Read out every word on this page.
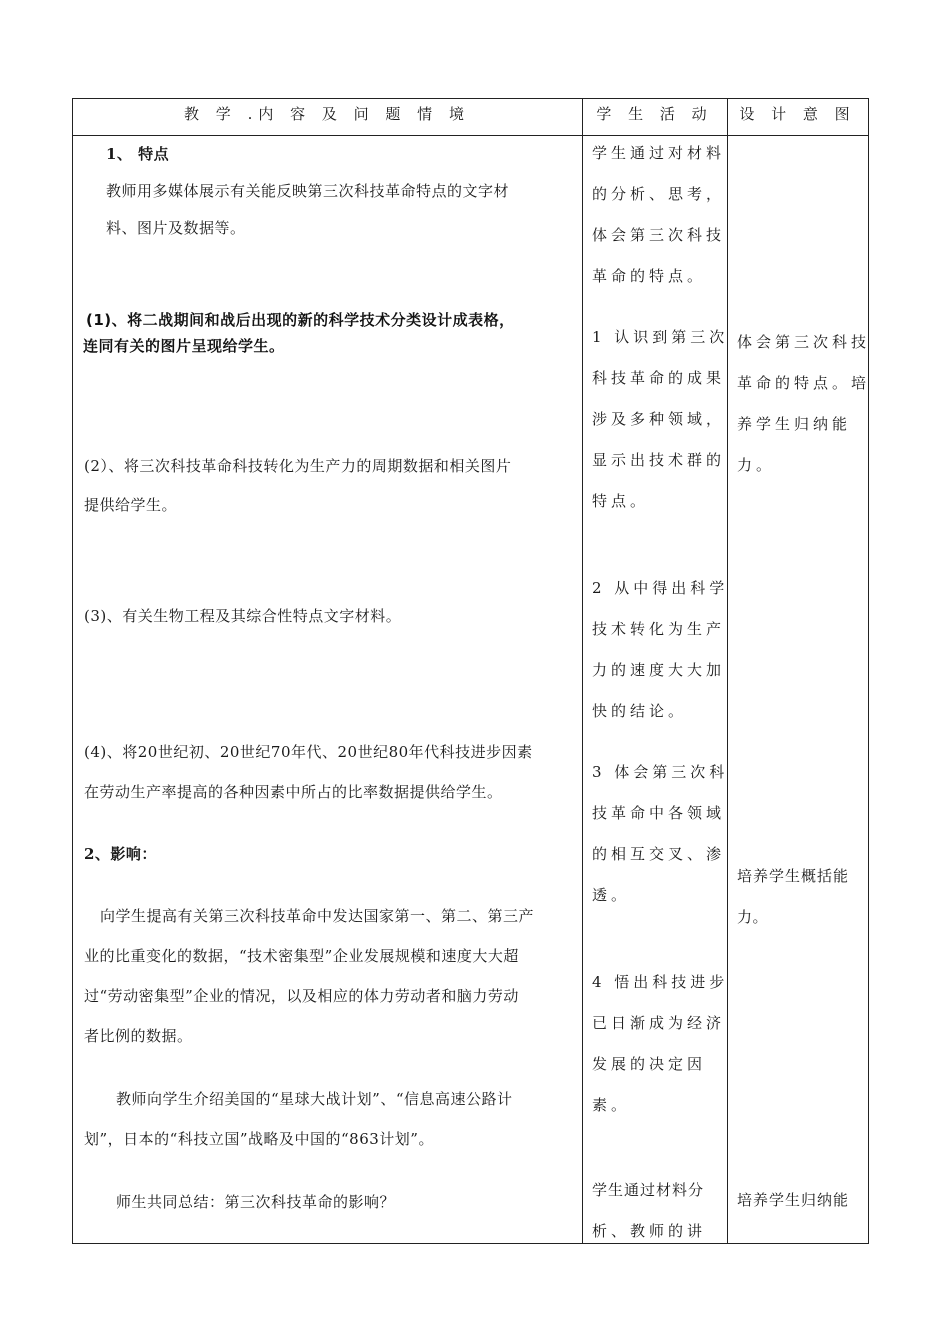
教 学 .内 容 及 问 题 情 境	学 生 活 动	设 计 意 图
1、 特点
教师用多媒体展示有关能反映第三次科技革命特点的文字材
料、图片及数据等。
(1)、将二战期间和战后出现的新的科学技术分类设计成表格，
连同有关的图片呈现给学生。
(2）、将三次科技革命科技转化为生产力的周期数据和相关图片
提供给学生。
(3)、有关生物工程及其综合性特点文字材料。
(4)、将20世纪初、20世纪70年代、20世纪80年代科技进步因素
在劳动生产率提高的各种因素中所占的比率数据提供给学生。
2、影响：
向学生提高有关第三次科技革命中发达国家第一、第二、第三产
业的比重变化的数据，“技术密集型”企业发展规模和速度大大超
过“劳动密集型”企业的情况，以及相应的体力劳动者和脑力劳动
者比例的数据。
教师向学生介绍美国的“星球大战计划”、“信息高速公路计
划”，日本的“科技立国”战略及中国的“863计划”。
师生共同总结：第三次科技革命的影响？
学生通过对材料
的分析、思考，
体会第三次科技
革命的特点。
1 认识到第三次
科技革命的成果
涉及多种领域，
显示出技术群的
特点。
2 从中得出科学
技术转化为生产
力的速度大大加
快的结论。
3 体会第三次科
技革命中各领域
的相互交叉、渗
透。
4 悟出科技进步
已日渐成为经济
发展的决定因
素。
学生通过材料分
析、教师的讲
体会第三次科技
革命的特点。培
养学生归纳能
力。
培养学生概括能
力。
培养学生归纳能
